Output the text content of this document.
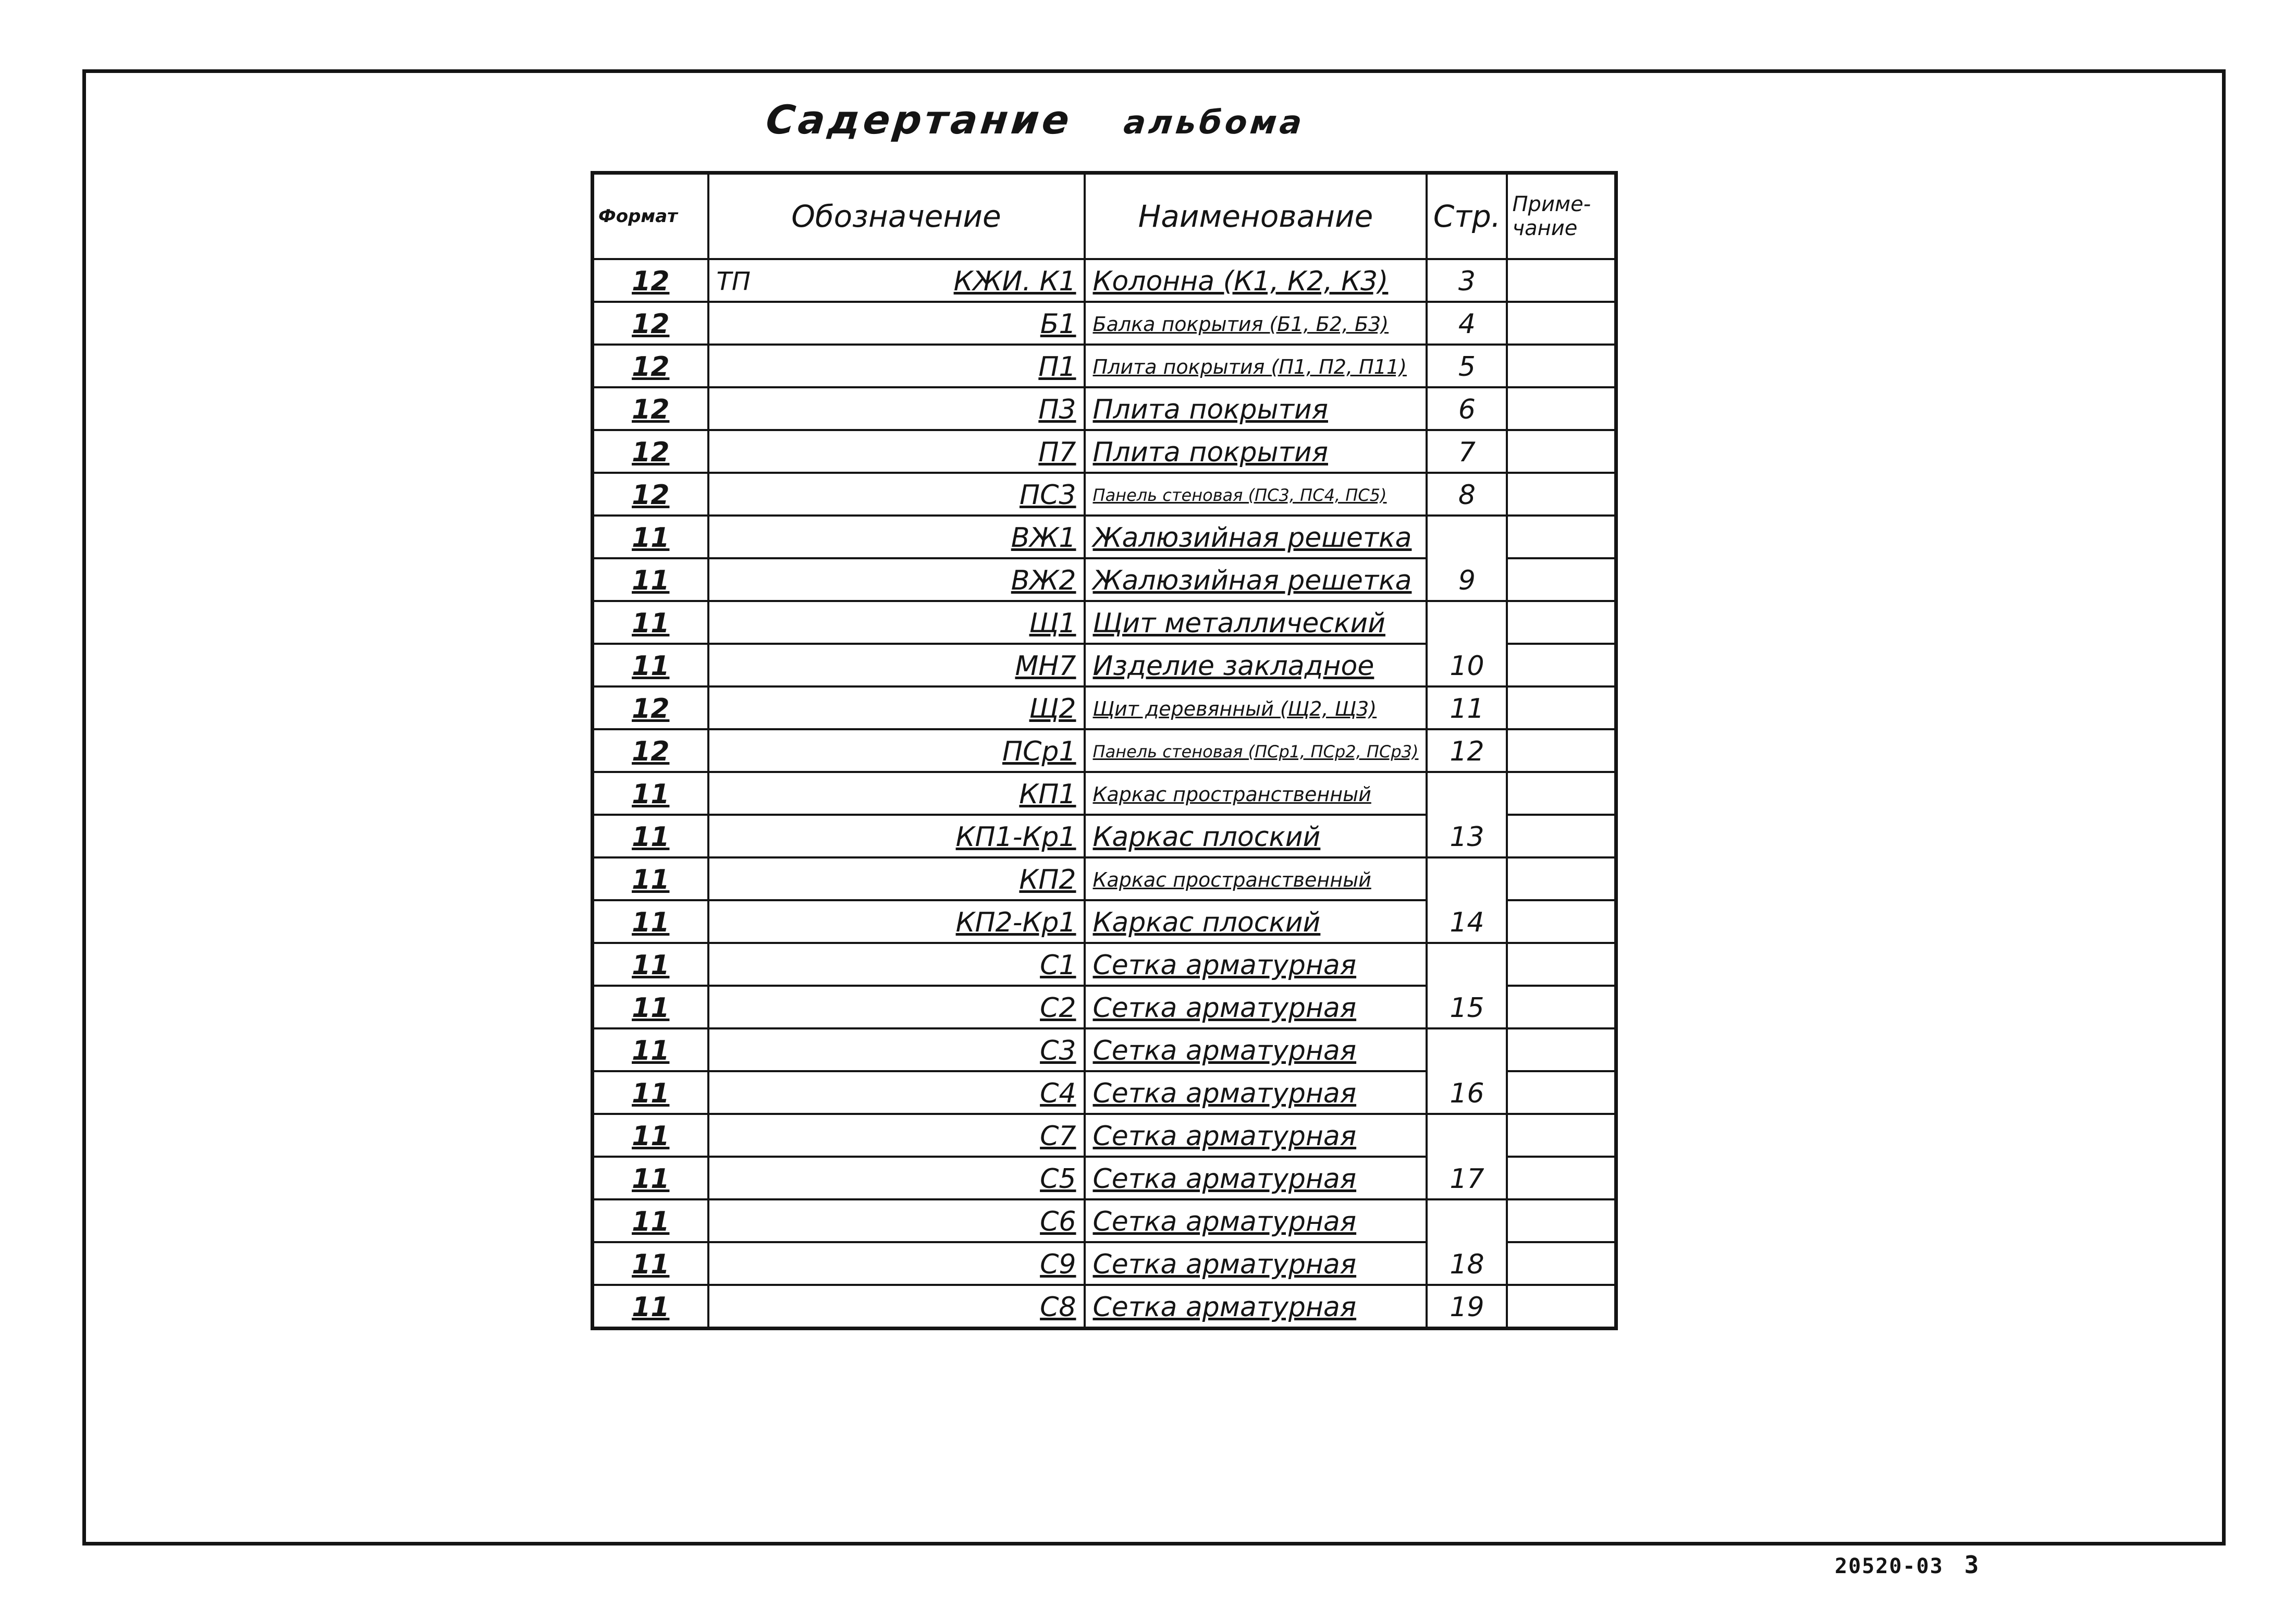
Садертание альбома
Формат	Обозначение	Наименование	Стр.	Приме-чание
12	ТП КЖИ. К1	Колонна (К1, К2, К3)	3	
12	Б1	Балка покрытия (Б1, Б2, Б3)	4	
12	П1	Плита покрытия (П1, П2, П11)	5	
12	П3	Плита покрытия	6	
12	П7	Плита покрытия	7	
12	ПС3	Панель стеновая (ПС3, ПС4, ПС5)	8	
11	ВЖ1	Жалюзийная решетка	9	
11	ВЖ2	Жалюзийная решетка		
11	Щ1	Щит металлический	10	
11	МН7	Изделие закладное		
12	Щ2	Щит деревянный (Щ2, Щ3)	11	
12	ПСр1	Панель стеновая (ПСр1, ПСр2, ПСр3)	12	
11	КП1	Каркас пространственный	13	
11	КП1-Кр1	Каркас плоский		
11	КП2	Каркас пространственный	14	
11	КП2-Кр1	Каркас плоский		
11	С1	Сетка арматурная	15	
11	С2	Сетка арматурная		
11	С3	Сетка арматурная	16	
11	С4	Сетка арматурная		
11	С7	Сетка арматурная	17	
11	С5	Сетка арматурная		
11	С6	Сетка арматурная	18	
11	С9	Сетка арматурная		
11	С8	Сетка арматурная	19	
20520-03 3
